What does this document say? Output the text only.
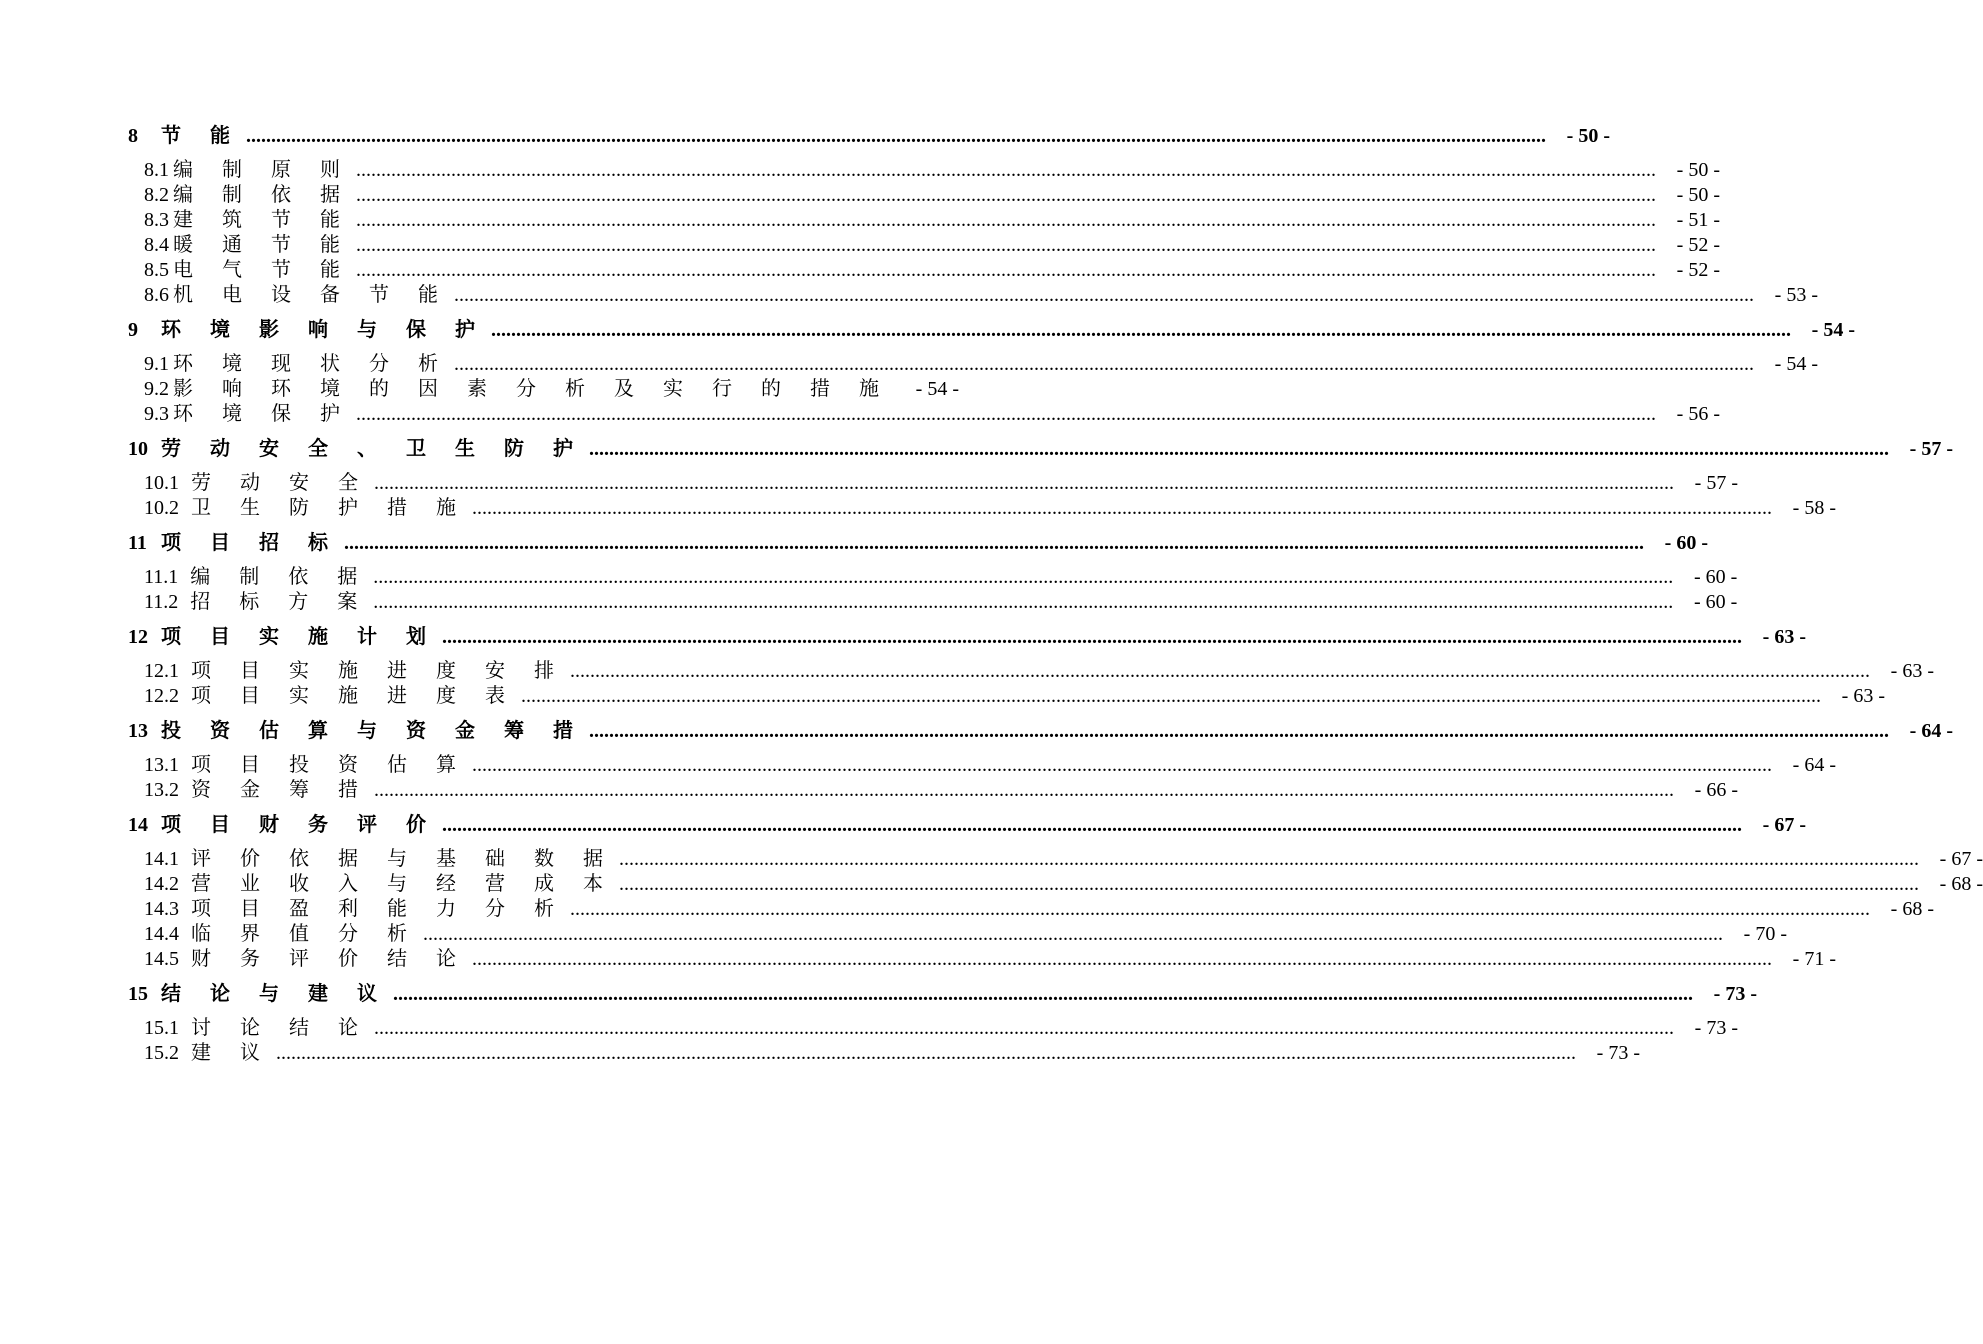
8	节 能 .....	- 50 -
8.1 编 制 原 则 .....	- 50 -
8.2 编 制 依 据 .....	- 50 -
8.3 建 筑 节 能 .....	- 51 -
8.4 暖 通 节 能 .....	- 52 -
8.5 电 气 节 能 .....	- 52 -
8.6 机 电 设 备 节 能 .....	- 53 -
9	环 境 影 响 与 保 护 .....	- 54 -
9.1 环 境 现 状 分 析 .....	- 54 -
9.2 影 响 环 境 的 因 素 分 析 及 实 行 的 措 施	- 54 -
9.3 环 境 保 护 .....	- 56 -
10 劳 动 安 全 、 卫 生 防 护 .....	- 57 -
10.1 劳 动 安 全 .....	- 57 -
10.2 卫 生 防 护 措 施 .....	- 58 -
11 项 目 招 标 .....	- 60 -
11.1 编 制 依 据 .....	- 60 -
11.2 招 标 方 案 .....	- 60 -
12 项 目 实 施 计 划 .....	- 63 -
12.1 项 目 实 施 进 度 安 排 .....	- 63 -
12.2 项 目 实 施 进 度 表 .....	- 63 -
13 投 资 估 算 与 资 金 筹 措 .....	- 64 -
13.1 项 目 投 资 估 算 .....	- 64 -
13.2 资 金 筹 措 .....	- 66 -
14 项 目 财 务 评 价 .....	- 67 -
14.1 评 价 依 据 与 基 础 数 据 .....	- 67 -
14.2 营 业 收 入 与 经 营 成 本 .....	- 68 -
14.3 项 目 盈 利 能 力 分 析 .....	- 68 -
14.4 临 界 值 分 析 .....	- 70 -
14.5 财 务 评 价 结 论 .....	- 71 -
15 结 论 与 建 议 .....	- 73 -
15.1 讨 论 结 论 .....	- 73 -
15.2 建 议 .....	- 73 -
